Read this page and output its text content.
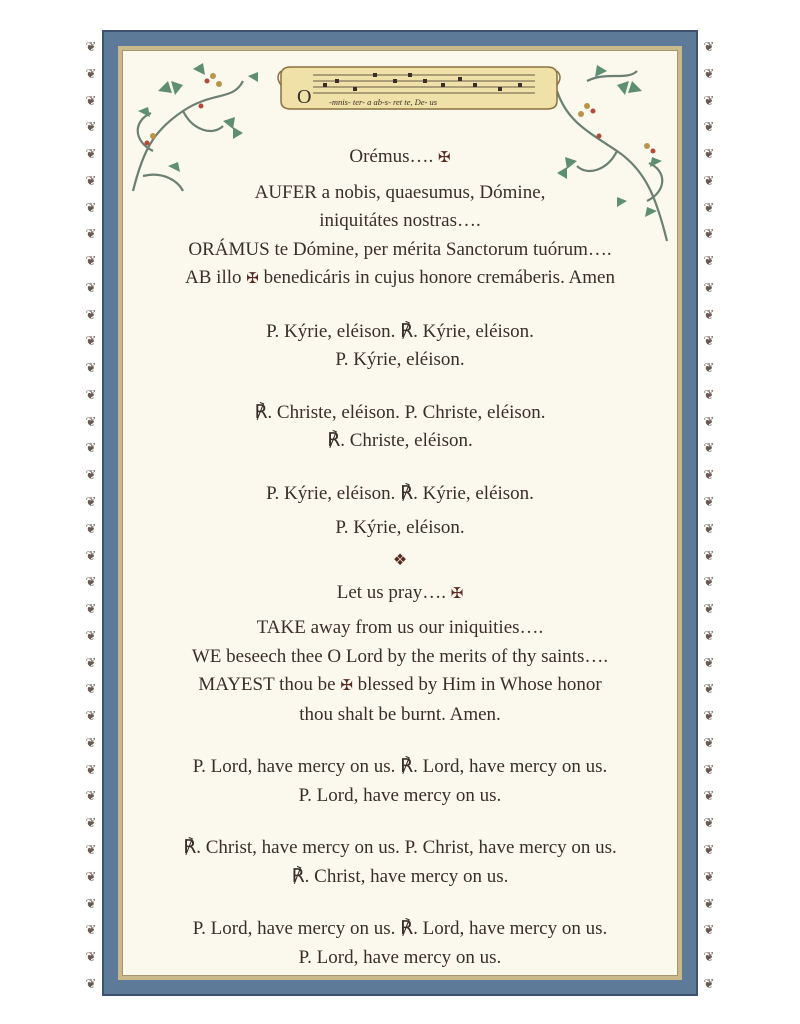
❦
❦
❦
❦
❦
❦
❦
❦
❦
❦
❦
❦
❦
❦
❦
❦
❦
❦
❦
❦
❦
❦
❦
❦
❦
❦
❦
❦
❦
❦
❦
❦
❦
❦
❦
❦
❦
❦
❦
❦
❦
❦
❦
❦
❦
❦
❦
❦
❦
❦
❦
❦
❦
❦
❦
❦
❦
❦
❦
❦
❦
❦
❦
❦
❦
❦
❦
❦
❦
❦
❦
❦
O -mnis- ter- a ab-s- ret te, De- us

Orémus…. ✠

AUFER a nobis, quaesumus, Dómine,

iniquitátes nostras….

ORÁMUS te Dómine, per mérita Sanctorum tuórum….

AB illo ✠ benedicáris in cujus honore cremáberis. Amen

P. Kýrie, eléison. ℟. Kýrie, eléison.

P. Kýrie, eléison.

℟. Christe, eléison. P. Christe, eléison.

℟. Christe, eléison.

P. Kýrie, eléison. ℟. Kýrie, eléison.

P. Kýrie, eléison.

❖

Let us pray…. ✠

TAKE away from us our iniquities….

WE beseech thee O Lord by the merits of thy saints….

MAYEST thou be ✠ blessed by Him in Whose honor

thou shalt be burnt. Amen.

P. Lord, have mercy on us. ℟. Lord, have mercy on us.

P. Lord, have mercy on us.

℟. Christ, have mercy on us. P. Christ, have mercy on us.

℟. Christ, have mercy on us.

P. Lord, have mercy on us. ℟. Lord, have mercy on us.

P. Lord, have mercy on us.
